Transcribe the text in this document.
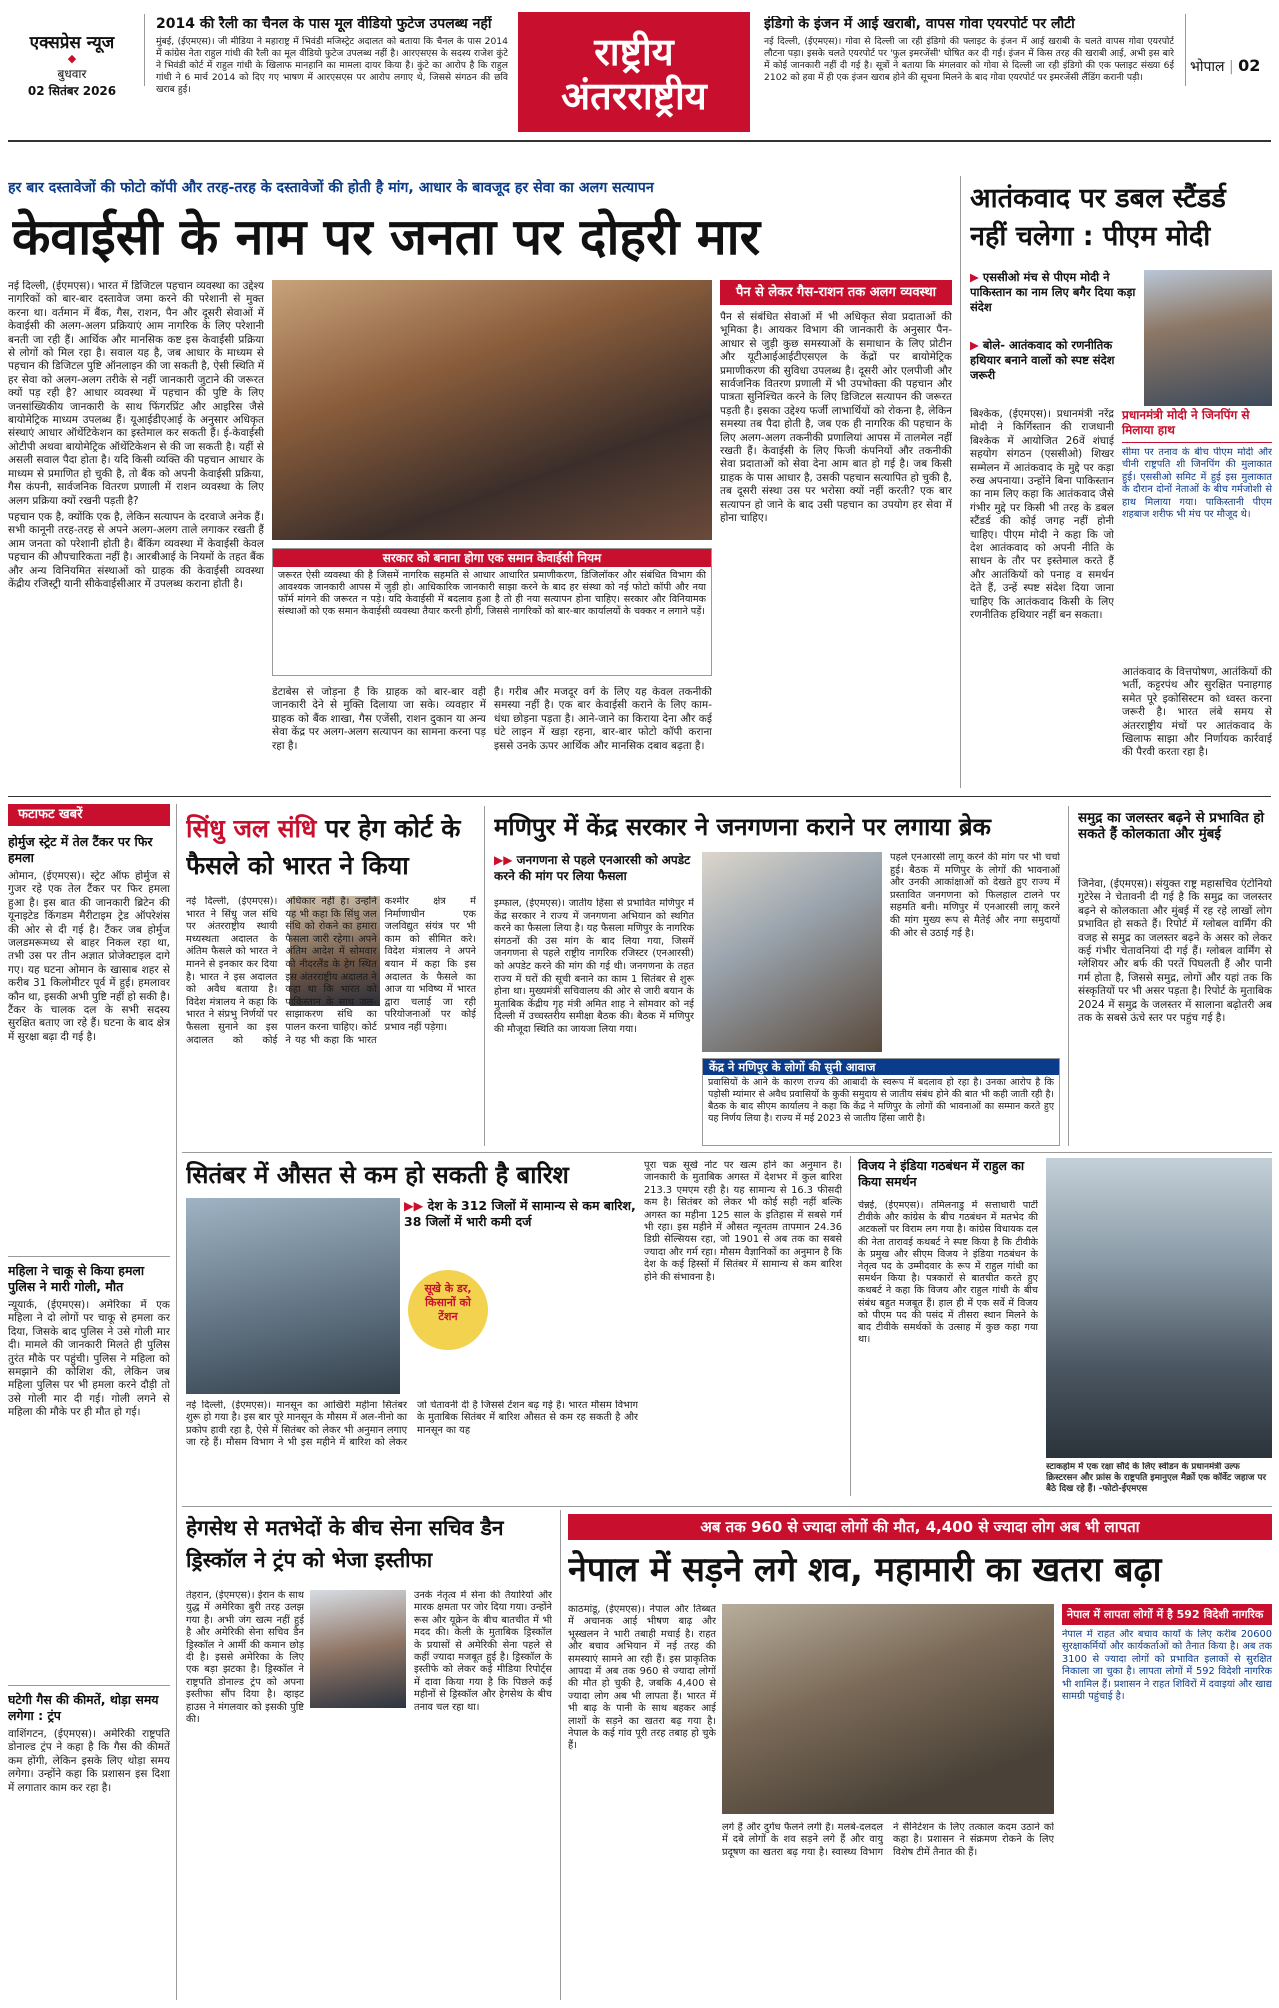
एक्सप्रेस न्यूज
◆
बुधवार
02 सितंबर 2026
2014 की रैली का चैनल के पास मूल वीडियो फुटेज उपलब्ध नहीं
मुंबई, (ईएमएस)। जी मीडिया ने महाराष्ट्र में भिवंडी मजिस्ट्रेट अदालत को बताया कि चैनल के पास 2014 में कांग्रेस नेता राहुल गांधी की रैली का मूल वीडियो फुटेज उपलब्ध नहीं है। आरएसएस के सदस्य राजेश कुंटे ने भिवंडी कोर्ट में राहुल गांधी के खिलाफ मानहानि का मामला दायर किया है। कुंटे का आरोप है कि राहुल गांधी ने 6 मार्च 2014 को दिए गए भाषण में आरएसएस पर आरोप लगाए थे, जिससे संगठन की छवि खराब हुई।
राष्ट्रीय
अंतरराष्ट्रीय
इंडिगो के इंजन में आई खराबी, वापस गोवा एयरपोर्ट पर लौटी
नई दिल्ली, (ईएमएस)। गोवा से दिल्ली जा रही इंडिगो की फ्लाइट के इंजन में आई खराबी के चलते वापस गोवा एयरपोर्ट लौटना पड़ा। इसके चलते एयरपोर्ट पर 'फुल इमरजेंसी' घोषित कर दी गई। इंजन में किस तरह की खराबी आई, अभी इस बारे में कोई जानकारी नहीं दी गई है। सूत्रों ने बताया कि मंगलवार को गोवा से दिल्ली जा रही इंडिगो की एक फ्लाइट संख्या 6ई 2102 को हवा में ही एक इंजन खराब होने की सूचना मिलने के बाद गोवा एयरपोर्ट पर इमरजेंसी लैंडिंग करानी पड़ी।
भोपाल | 02
हर बार दस्तावेजों की फोटो कॉपी और तरह-तरह के दस्तावेजों की होती है मांग, आधार के बावजूद हर सेवा का अलग सत्यापन
केवाईसी के नाम पर जनता पर दोहरी मार

नई दिल्ली, (ईएमएस)। भारत में डिजिटल पहचान व्यवस्था का उद्देश्य नागरिकों को बार-बार दस्तावेज जमा करने की परेशानी से मुक्त करना था। वर्तमान में बैंक, गैस, राशन, पैन और दूसरी सेवाओं में केवाईसी की अलग-अलग प्रक्रियाएं आम नागरिक के लिए परेशानी बनती जा रही हैं। आर्थिक और मानसिक कष्ट इस केवाईसी प्रक्रिया से लोगों को मिल रहा है। सवाल यह है, जब आधार के माध्यम से पहचान की डिजिटल पुष्टि ऑनलाइन की जा सकती है, ऐसी स्थिति में हर सेवा को अलग-अलग तरीके से नहीं जानकारी जुटाने की जरूरत क्यों पड़ रही है? आधार व्यवस्था में पहचान की पुष्टि के लिए जनसांख्यिकीय जानकारी के साथ फिंगरप्रिंट और आइरिस जैसे बायोमेट्रिक माध्यम उपलब्ध हैं। यूआईडीएआई के अनुसार अधिकृत संस्थाएं आधार ऑथेंटिकेशन का इस्तेमाल कर सकती हैं। ई-केवाईसी ओटीपी अथवा बायोमेट्रिक ऑथेंटिकेशन से की जा सकती है। यहीं से असली सवाल पैदा होता है। यदि किसी व्यक्ति की पहचान आधार के माध्यम से प्रमाणित हो चुकी है, तो बैंक को अपनी केवाईसी प्रक्रिया, गैस कंपनी, सार्वजनिक वितरण प्रणाली में राशन व्यवस्था के लिए अलग प्रक्रिया क्यों रखनी पड़ती है?

पहचान एक है, क्योंकि एक है, लेकिन सत्यापन के दरवाजे अनेक हैं। सभी कानूनी तरह-तरह से अपने अलग-अलग ताले लगाकर रखती हैं आम जनता को परेशानी होती है। बैंकिंग व्यवस्था में केवाईसी केवल पहचान की औपचारिकता नहीं है। आरबीआई के नियमों के तहत बैंक और अन्य विनियमित संस्थाओं को ग्राहक की केवाईसी व्यवस्था केंद्रीय रजिस्ट्री यानी सीकेवाईसीआर में उपलब्ध कराना होती है।

पैन से लेकर गैस-राशन तक अलग व्यवस्था
पैन से संबंधित सेवाओं में भी अधिकृत सेवा प्रदाताओं की भूमिका है। आयकर विभाग की जानकारी के अनुसार पैन-आधार से जुड़ी कुछ समस्याओं के समाधान के लिए प्रोटीन और यूटीआईआईटीएसएल के केंद्रों पर बायोमेट्रिक प्रमाणीकरण की सुविधा उपलब्ध है। दूसरी ओर एलपीजी और सार्वजनिक वितरण प्रणाली में भी उपभोक्ता की पहचान और पात्रता सुनिश्चित करने के लिए डिजिटल सत्यापन की जरूरत पड़ती है। इसका उद्देश्य फर्जी लाभार्थियों को रोकना है, लेकिन समस्या तब पैदा होती है, जब एक ही नागरिक की पहचान के लिए अलग-अलग तकनीकी प्रणालियां आपस में तालमेल नहीं रखती हैं। केवाईसी के लिए फिजी कंपनियों और तकनीकी सेवा प्रदाताओं को सेवा देना आम बात हो गई है। जब किसी ग्राहक के पास आधार है, उसकी पहचान सत्यापित हो चुकी है, तब दूसरी संस्था उस पर भरोसा क्यों नहीं करती? एक बार सत्यापन हो जाने के बाद उसी पहचान का उपयोग हर सेवा में होना चाहिए।
सरकार को बनाना होगा एक समान केवाईसी नियम
जरूरत ऐसी व्यवस्था की है जिसमें नागरिक सहमति से आधार आधारित प्रमाणीकरण, डिजिलॉकर और संबंधित विभाग की आवश्यक जानकारी आपस में जुड़ी हो। आधिकारिक जानकारी साझा करने के बाद हर संस्था को नई फोटो कॉपी और नया फॉर्म मांगने की जरूरत न पड़े। यदि केवाईसी में बदलाव हुआ है तो ही नया सत्यापन होना चाहिए। सरकार और विनियामक संस्थाओं को एक समान केवाईसी व्यवस्था तैयार करनी होगी, जिससे नागरिकों को बार-बार कार्यालयों के चक्कर न लगाने पड़ें।
डेटाबेस से जोड़ना है कि ग्राहक को बार-बार वही जानकारी देने से मुक्ति दिलाया जा सके। व्यवहार में ग्राहक को बैंक शाखा, गैस एजेंसी, राशन दुकान या अन्य सेवा केंद्र पर अलग-अलग सत्यापन का सामना करना पड़ रहा है।
है। गरीब और मजदूर वर्ग के लिए यह केवल तकनीकी समस्या नहीं है। एक बार केवाईसी कराने के लिए काम-धंधा छोड़ना पड़ता है। आने-जाने का किराया देना और कई घंटे लाइन में खड़ा रहना, बार-बार फोटो कॉपी कराना इससे उनके ऊपर आर्थिक और मानसिक दबाव बढ़ता है।
आतंकवाद पर डबल स्टैंडर्ड नहीं चलेगा : पीएम मोदी
▶ एससीओ मंच से पीएम मोदी ने पाकिस्तान का नाम लिए बगैर दिया कड़ा संदेश
▶ बोले- आतंकवाद को रणनीतिक हथियार बनाने वालों को स्पष्ट संदेश जरूरी
बिश्केक, (ईएमएस)। प्रधानमंत्री नरेंद्र मोदी ने किर्गिस्तान की राजधानी बिश्केक में आयोजित 26वें शंघाई सहयोग संगठन (एससीओ) शिखर सम्मेलन में आतंकवाद के मुद्दे पर कड़ा रुख अपनाया। उन्होंने बिना पाकिस्तान का नाम लिए कहा कि आतंकवाद जैसे गंभीर मुद्दे पर किसी भी तरह के डबल स्टैंडर्ड की कोई जगह नहीं होनी चाहिए। पीएम मोदी ने कहा कि जो देश आतंकवाद को अपनी नीति के साधन के तौर पर इस्तेमाल करते हैं और आतंकियों को पनाह व समर्थन देते हैं, उन्हें स्पष्ट संदेश दिया जाना चाहिए कि आतंकवाद किसी के लिए रणनीतिक हथियार नहीं बन सकता।
प्रधानमंत्री मोदी ने जिनपिंग से मिलाया हाथ
सीमा पर तनाव के बीच पीएम मोदी और चीनी राष्ट्रपति शी जिनपिंग की मुलाकात हुई। एससीओ समिट में हुई इस मुलाकात के दौरान दोनों नेताओं के बीच गर्मजोशी से हाथ मिलाया गया। पाकिस्तानी पीएम शहबाज शरीफ भी मंच पर मौजूद थे।
आतंकवाद के वित्तपोषण, आतंकियों की भर्ती, कट्टरपंथ और सुरक्षित पनाहगाह समेत पूरे इकोसिस्टम को ध्वस्त करना जरूरी है। भारत लंबे समय से अंतरराष्ट्रीय मंचों पर आतंकवाद के खिलाफ साझा और निर्णायक कार्रवाई की पैरवी करता रहा है।
फटाफट खबरें
होर्मुज स्ट्रेट में तेल टैंकर पर फिर हमला
ओमान, (ईएमएस)। स्ट्रेट ऑफ होर्मुज से गुजर रहे एक तेल टैंकर पर फिर हमला हुआ है। इस बात की जानकारी ब्रिटेन की यूनाइटेड किंगडम मैरीटाइम ट्रेड ऑपरेशंस की ओर से दी गई है। टैंकर जब होर्मुज जलडमरूमध्य से बाहर निकल रहा था, तभी उस पर तीन अज्ञात प्रोजेक्टाइल दागे गए। यह घटना ओमान के खासाब शहर से करीब 31 किलोमीटर पूर्व में हुई। हमलावर कौन था, इसकी अभी पुष्टि नहीं हो सकी है। टैंकर के चालक दल के सभी सदस्य सुरक्षित बताए जा रहे हैं। घटना के बाद क्षेत्र में सुरक्षा बढ़ा दी गई है।
महिला ने चाकू से किया हमला पुलिस ने मारी गोली, मौत
न्यूयार्क, (ईएमएस)। अमेरिका में एक महिला ने दो लोगों पर चाकू से हमला कर दिया, जिसके बाद पुलिस ने उसे गोली मार दी। मामले की जानकारी मिलते ही पुलिस तुरंत मौके पर पहुंची। पुलिस ने महिला को समझाने की कोशिश की, लेकिन जब महिला पुलिस पर भी हमला करने दौड़ी तो उसे गोली मार दी गई। गोली लगने से महिला की मौके पर ही मौत हो गई।
घटेगी गैस की कीमतें, थोड़ा समय लगेगा : ट्रंप
वाशिंगटन, (ईएमएस)। अमेरिकी राष्ट्रपति डोनाल्ड ट्रंप ने कहा है कि गैस की कीमतें कम होंगी, लेकिन इसके लिए थोड़ा समय लगेगा। उन्होंने कहा कि प्रशासन इस दिशा में लगातार काम कर रहा है।
सिंधु जल संधि पर हेग कोर्ट के फैसले को भारत ने किया
नई दिल्ली, (ईएमएस)। भारत ने सिंधु जल संधि पर अंतरराष्ट्रीय स्थायी मध्यस्थता अदालत के अंतिम फैसले को भारत ने मानने से इनकार कर दिया है। भारत ने इस अदालत को अवैध बताया है। विदेश मंत्रालय ने कहा कि भारत ने संप्रभु निर्णयों पर फैसला सुनाने का इस अदालत को कोई अधिकार नहीं है। उन्होंने यह भी कहा कि सिंधु जल संधि को रोकने का हमारा फैसला जारी रहेगा। अपने अंतिम आदेश में सोमवार को नीदरलैंड के हेग स्थित इस अंतरराष्ट्रीय अदालत ने कहा था कि भारत को पाकिस्तान के साथ जल-साझाकरण संधि का पालन करना चाहिए। कोर्ट ने यह भी कहा कि भारत कश्मीर क्षेत्र में निर्माणाधीन एक जलविद्युत संयंत्र पर भी काम को सीमित करे। विदेश मंत्रालय ने अपने बयान में कहा कि इस अदालत के फैसले का आज या भविष्य में भारत द्वारा चलाई जा रही परियोजनाओं पर कोई प्रभाव नहीं पड़ेगा।
मणिपुर में केंद्र सरकार ने जनगणना कराने पर लगाया ब्रेक
▶▶ जनगणना से पहले एनआरसी को अपडेट करने की मांग पर लिया फैसला
इम्फाल, (ईएमएस)। जातीय हिंसा से प्रभावित मणिपुर में केंद्र सरकार ने राज्य में जनगणना अभियान को स्थगित करने का फैसला लिया है। यह फैसला मणिपुर के नागरिक संगठनों की उस मांग के बाद लिया गया, जिसमें जनगणना से पहले राष्ट्रीय नागरिक रजिस्टर (एनआरसी) को अपडेट करने की मांग की गई थी। जनगणना के तहत राज्य में घरों की सूची बनाने का काम 1 सितंबर से शुरू होना था। मुख्यमंत्री सचिवालय की ओर से जारी बयान के मुताबिक केंद्रीय गृह मंत्री अमित शाह ने सोमवार को नई दिल्ली में उच्चस्तरीय समीक्षा बैठक की। बैठक में मणिपुर की मौजूदा स्थिति का जायजा लिया गया।
पहले एनआरसी लागू करने की मांग पर भी चर्चा हुई। बैठक में मणिपुर के लोगों की भावनाओं और उनकी आकांक्षाओं को देखते हुए राज्य में प्रस्तावित जनगणना को फिलहाल टालने पर सहमति बनी। मणिपुर में एनआरसी लागू करने की मांग मुख्य रूप से मैतेई और नगा समुदायों की ओर से उठाई गई है।
केंद्र ने मणिपुर के लोगों की सुनी आवाज
प्रवासियों के आने के कारण राज्य की आबादी के स्वरूप में बदलाव हो रहा है। उनका आरोप है कि पड़ोसी म्यांमार से अवैध प्रवासियों के कुकी समुदाय से जातीय संबंध होने की बात भी कही जाती रही है। बैठक के बाद सीएम कार्यालय ने कहा कि केंद्र ने मणिपुर के लोगों की भावनाओं का सम्मान करते हुए यह निर्णय लिया है। राज्य में मई 2023 से जातीय हिंसा जारी है।
समुद्र का जलस्तर बढ़ने से प्रभावित हो सकते हैं कोलकाता और मुंबई
जिनेवा, (ईएमएस)। संयुक्त राष्ट्र महासचिव एंटोनियो गुटेरेस ने चेतावनी दी गई है कि समुद्र का जलस्तर बढ़ने से कोलकाता और मुंबई में रह रहे लाखों लोग प्रभावित हो सकते हैं। रिपोर्ट में ग्लोबल वार्मिंग की वजह से समुद्र का जलस्तर बढ़ने के असर को लेकर कई गंभीर चेतावनियां दी गई हैं। ग्लोबल वार्मिंग से ग्लेशियर और बर्फ की परतें पिघलती हैं और पानी गर्म होता है, जिससे समुद्र, लोगों और यहां तक कि संस्कृतियों पर भी असर पड़ता है। रिपोर्ट के मुताबिक 2024 में समुद्र के जलस्तर में सालाना बढ़ोतरी अब तक के सबसे ऊंचे स्तर पर पहुंच गई है।
सितंबर में औसत से कम हो सकती है बारिश
▶▶ देश के 312 जिलों में सामान्य से कम बारिश, 38 जिलों में भारी कमी दर्ज
सूखे के डर, किसानों को टेंशन
नई दिल्ली, (ईएमएस)। मानसून का आखिरी महीना सितंबर शुरू हो गया है। इस बार पूरे मानसून के मौसम में अल-नीनो का प्रकोप हावी रहा है, ऐसे में सितंबर को लेकर भी अनुमान लगाए जा रहे हैं। मौसम विभाग ने भी इस महीने में बारिश को लेकर जो चेतावनी दी है जिससे टेंशन बढ़ गई है। भारत मौसम विभाग के मुताबिक सितंबर में बारिश औसत से कम रह सकती है और मानसून का यह
पूरा चक्र सूखे नोट पर खत्म होने का अनुमान है। जानकारी के मुताबिक अगस्त में देशभर में कुल बारिश 213.3 एमएम रही है। यह सामान्य से 16.3 फीसदी कम है। सितंबर को लेकर भी कोई सही नहीं बल्कि अगस्त का महीना 125 साल के इतिहास में सबसे गर्म भी रहा। इस महीने में औसत न्यूनतम तापमान 24.36 डिग्री सेल्सियस रहा, जो 1901 से अब तक का सबसे ज्यादा और गर्म रहा। मौसम वैज्ञानिकों का अनुमान है कि देश के कई हिस्सों में सितंबर में सामान्य से कम बारिश होने की संभावना है।
विजय ने इंडिया गठबंधन में राहुल का किया समर्थन
चेन्नई, (ईएमएस)। तमिलनाडु में सत्ताधारी पार्टी टीवीके और कांग्रेस के बीच गठबंधन में मतभेद की अटकलों पर विराम लग गया है। कांग्रेस विधायक दल की नेता तारावई कथबर्ट ने स्पष्ट किया है कि टीवीके के प्रमुख और सीएम विजय ने इंडिया गठबंधन के नेतृत्व पद के उम्मीदवार के रूप में राहुल गांधी का समर्थन किया है। पत्रकारों से बातचीत करते हुए कथबर्ट ने कहा कि विजय और राहुल गांधी के बीच संबंध बहुत मजबूत हैं। हाल ही में एक सर्वे में विजय को पीएम पद की पसंद में तीसरा स्थान मिलने के बाद टीवीके समर्थकों के उत्साह में कुछ कहा गया था।
स्टाकहोम में एक रक्षा सौदे के लिए स्वीडन के प्रधानमंत्री उल्फ क्रिस्टरसन और फ्रांस के राष्ट्रपति इमानुएल मैक्रों एक कॉर्वेट जहाज पर बैठे दिख रहे हैं। -फोटो-ईएमएस
हेगसेथ से मतभेदों के बीच सेना सचिव डैन ड्रिस्कॉल ने ट्रंप को भेजा इस्तीफा
तेहरान, (ईएमएस)। ईरान के साथ युद्ध में अमेरिका बुरी तरह उलझ गया है। अभी जंग खत्म नहीं हुई है और अमेरिकी सेना सचिव डैन ड्रिस्कॉल ने आर्मी की कमान छोड़ दी है। इससे अमेरिका के लिए एक बड़ा झटका है। ड्रिस्कॉल ने राष्ट्रपति डोनाल्ड ट्रंप को अपना इस्तीफा सौंप दिया है। व्हाइट हाउस ने मंगलवार को इसकी पुष्टि की।
उनके नेतृत्व में सेना की तैयारियों और मारक क्षमता पर जोर दिया गया। उन्होंने रूस और यूक्रेन के बीच बातचीत में भी मदद की। केली के मुताबिक ड्रिस्कॉल के प्रयासों से अमेरिकी सेना पहले से कहीं ज्यादा मजबूत हुई है। ड्रिस्कॉल के इस्तीफे को लेकर कई मीडिया रिपोर्ट्स में दावा किया गया है कि पिछले कई महीनों से ड्रिस्कॉल और हेगसेथ के बीच तनाव चल रहा था।
अब तक 960 से ज्यादा लोगों की मौत, 4,400 से ज्यादा लोग अब भी लापता
नेपाल में सड़ने लगे शव, महामारी का खतरा बढ़ा
काठमांडू, (ईएमएस)। नेपाल और तिब्बत में अचानक आई भीषण बाढ़ और भूस्खलन ने भारी तबाही मचाई है। राहत और बचाव अभियान में नई तरह की समस्याएं सामने आ रही हैं। इस प्राकृतिक आपदा में अब तक 960 से ज्यादा लोगों की मौत हो चुकी है, जबकि 4,400 से ज्यादा लोग अब भी लापता हैं। भारत में भी बाढ़ के पानी के साथ बहकर आई लाशों के सड़ने का खतरा बढ़ गया है। नेपाल के कई गांव पूरी तरह तबाह हो चुके हैं।
लगे हैं और दुर्गंध फैलने लगी है। मलबे-दलदल में दबे लोगों के शव सड़ने लगे हैं और वायु प्रदूषण का खतरा बढ़ गया है। स्वास्थ्य विभाग ने सैनिटेशन के लिए तत्काल कदम उठाने को कहा है। प्रशासन ने संक्रमण रोकने के लिए विशेष टीमें तैनात की हैं।
नेपाल में लापता लोगों में है 592 विदेशी नागरिक
नेपाल में राहत और बचाव कार्यों के लिए करीब 20600 सुरक्षाकर्मियों और कार्यकर्ताओं को तैनात किया है। अब तक 3100 से ज्यादा लोगों को प्रभावित इलाकों से सुरक्षित निकाला जा चुका है। लापता लोगों में 592 विदेशी नागरिक भी शामिल हैं। प्रशासन ने राहत शिविरों में दवाइयां और खाद्य सामग्री पहुंचाई है।
